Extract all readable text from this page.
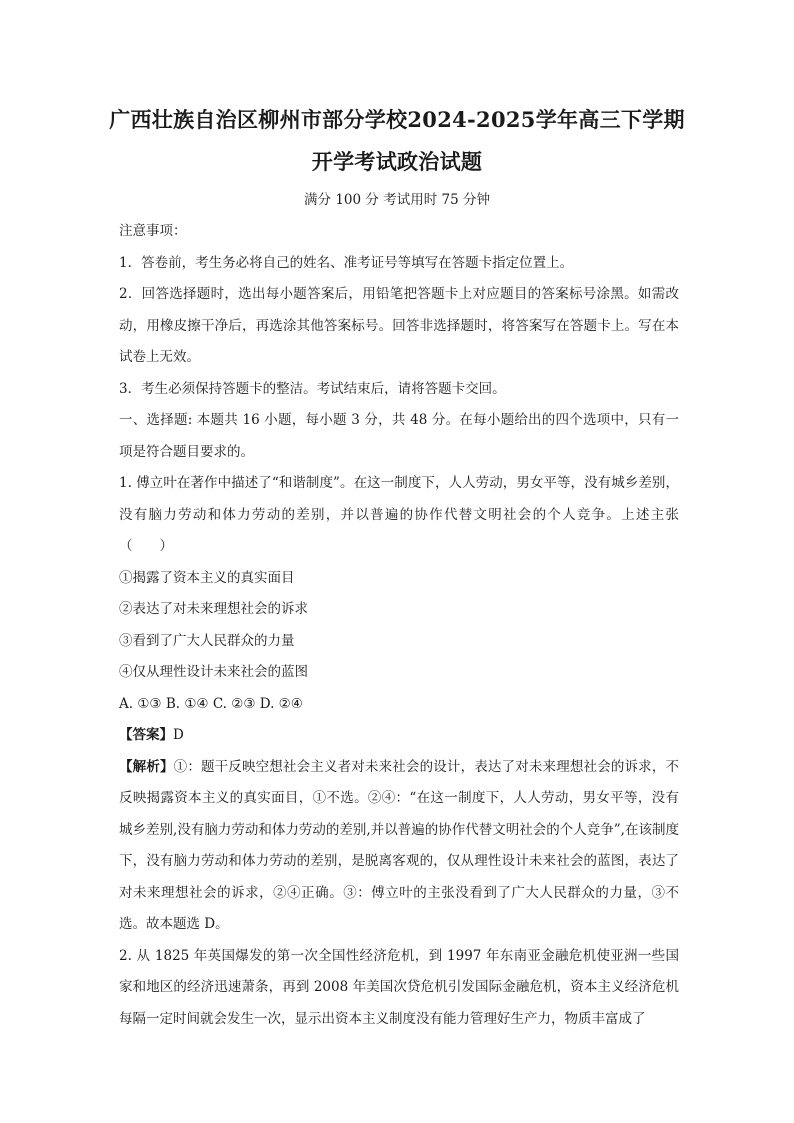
广西壮族自治区柳州市部分学校2024-2025学年高三下学期
开学考试政治试题
满分 100 分 考试用时 75 分钟

注意事项：

1．答卷前，考生务必将自己的姓名、准考证号等填写在答题卡指定位置上。

2．回答选择题时，选出每小题答案后，用铅笔把答题卡上对应题目的答案标号涂黑。如需改动，用橡皮擦干净后，再选涂其他答案标号。回答非选择题时，将答案写在答题卡上。写在本试卷上无效。

3．考生必须保持答题卡的整洁。考试结束后，请将答题卡交回。

一、选择题: 本题共 16 小题，每小题 3 分，共 48 分。在每小题给出的四个选项中，只有一项是符合题目要求的。

1. 傅立叶在著作中描述了“和谐制度”。在这一制度下，人人劳动，男女平等，没有城乡差别，没有脑力劳动和体力劳动的差别，并以普遍的协作代替文明社会的个人竞争。上述主张（　　）

①揭露了资本主义的真实面目

②表达了对未来理想社会的诉求

③看到了广大人民群众的力量

④仅从理性设计未来社会的蓝图

A. ①③ B. ①④ C. ②③ D. ②④

【答案】D

【解析】①：题干反映空想社会主义者对未来社会的设计，表达了对未来理想社会的诉求，不反映揭露资本主义的真实面目，①不选。②④：“在这一制度下，人人劳动，男女平等，没有城乡差别,没有脑力劳动和体力劳动的差别,并以普遍的协作代替文明社会的个人竞争”,在该制度下，没有脑力劳动和体力劳动的差别，是脱离客观的，仅从理性设计未来社会的蓝图，表达了对未来理想社会的诉求，②④正确。③：傅立叶的主张没看到了广大人民群众的力量，③不选。故本题选 D。

2. 从 1825 年英国爆发的第一次全国性经济危机，到 1997 年东南亚金融危机使亚洲一些国家和地区的经济迅速萧条，再到 2008 年美国次贷危机引发国际金融危机，资本主义经济危机每隔一定时间就会发生一次，显示出资本主义制度没有能力管理好生产力，物质丰富成了
